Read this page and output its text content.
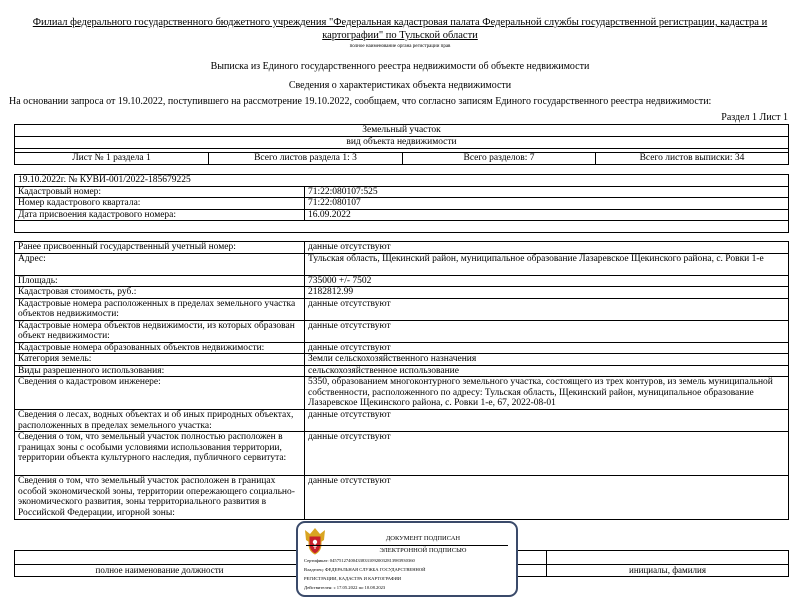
Филиал федерального государственного бюджетного учреждения "Федеральная кадастровая палата Федеральной службы государственной регистрации, кадастра и
картографии" по Тульской области
полное наименование органа регистрации прав
Выписка из Единого государственного реестра недвижимости об объекте недвижимости
Сведения о характеристиках объекта недвижимости
На основании запроса от 19.10.2022, поступившего на рассмотрение 19.10.2022, сообщаем, что согласно записям Единого государственного реестра недвижимости:
Раздел 1 Лист 1
Земельный участок
вид объекта недвижимости

Лист № 1 раздела 1	Всего листов раздела 1: 3	Всего разделов: 7	Всего листов выписки: 34
19.10.2022г. № КУВИ-001/2022-185679225	
Кадастровый номер:	71:22:080107:525
Номер кадастрового квартала:	71:22:080107
Дата присвоения кадастрового номера:	16.09.2022

Ранее присвоенный государственный учетный номер:	данные отсутствуют
Адрес:	Тульская область, Щекинский район, муниципальное образование Лазаревское Щекинского района, с. Ровки 1-е
Площадь:	735000 +/- 7502
Кадастровая стоимость, руб.:	2182812.99
Кадастровые номера расположенных в пределах земельного участка объектов недвижимости:	данные отсутствуют
Кадастровые номера объектов недвижимости, из которых образован объект недвижимости:	данные отсутствуют
Кадастровые номера образованных объектов недвижимости:	данные отсутствуют
Категория земель:	Земли сельскохозяйственного назначения
Виды разрешенного использования:	сельскохозяйственное использование
Сведения о кадастровом инженере:	5350, образованием многоконтурного земельного участка, состоящего из трех контуров, из земель муниципальной собственности, расположенного по адресу: Тульская область, Щекинский район, муниципальное образование Лазаревское Щекинского района, с. Ровки 1-е, 67, 2022-08-01
Сведения о лесах, водных объектах и об иных природных объектах, расположенных в пределах земельного участка:	данные отсутствуют
Сведения о том, что земельный участок полностью расположен в границах зоны с особыми условиями использования территории, территории объекта культурного наследия, публичного сервитута:	данные отсутствуют
Сведения о том, что земельный участок расположен в границах особой экономической зоны, территории опережающего социально-экономического развития, зоны территориального развития в Российской Федерации, игорной зоны:	данные отсутствуют

полное наименование должности		инициалы, фамилия
ДОКУМЕНТ ПОДПИСАН
ЭЛЕКТРОННОЙ ПОДПИСЬЮ
Сертификат: 0457512740043383310920032813983930360
Владелец: ФЕДЕРАЛЬНАЯ СЛУЖБА ГОСУДАРСТВЕННОЙ
РЕГИСТРАЦИИ, КАДАСТРА И КАРТОГРАФИИ
Действителен: с 17.05.2022 по 10.08.2023
